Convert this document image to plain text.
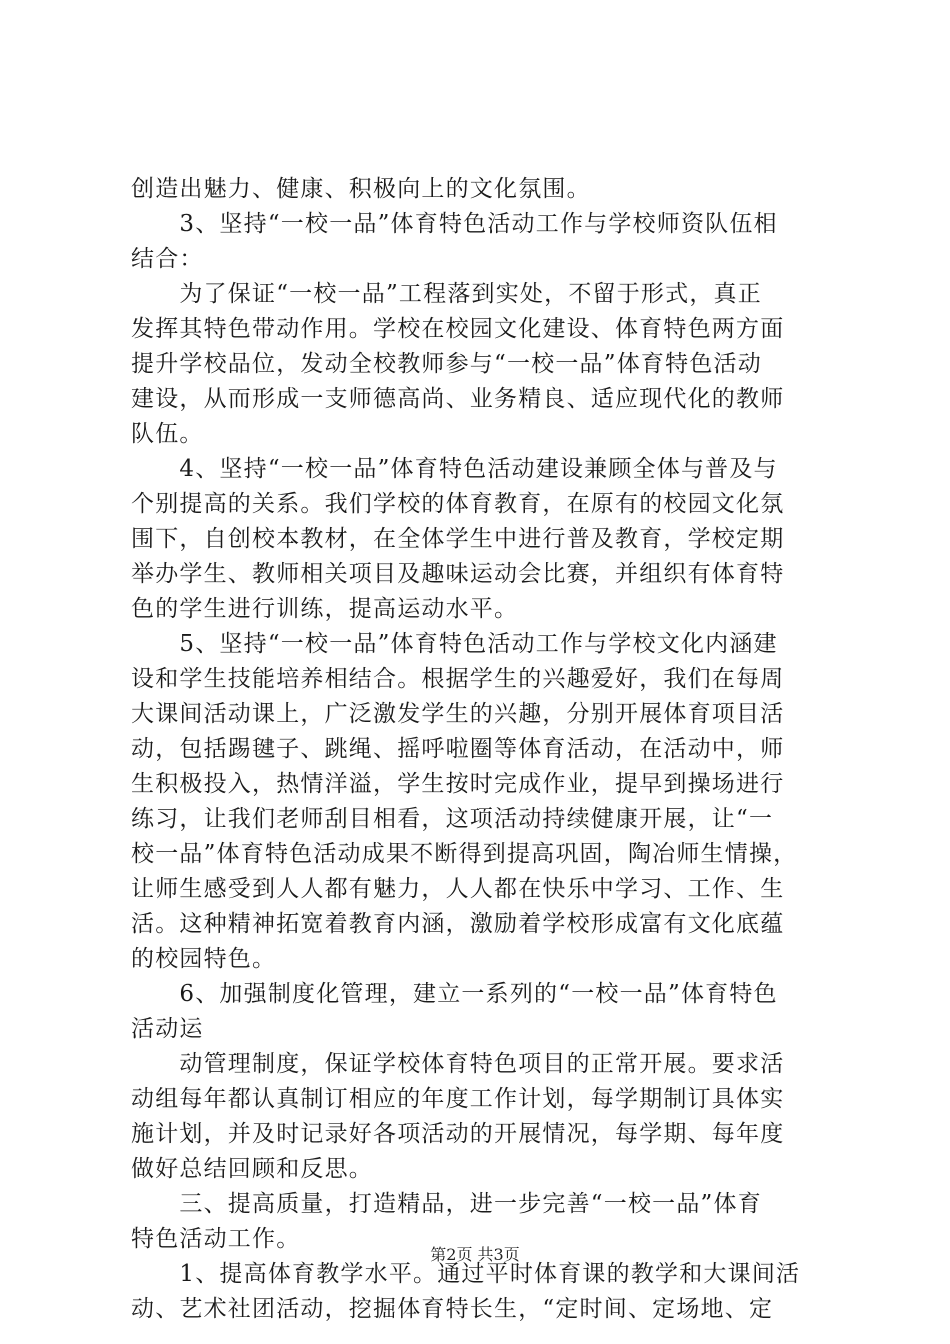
创造出魅力、健康、积极向上的文化氛围。
　　3、坚持“一校一品”体育特色活动工作与学校师资队伍相
结合：
　　为了保证“一校一品”工程落到实处，不留于形式，真正
发挥其特色带动作用。学校在校园文化建设、体育特色两方面
提升学校品位，发动全校教师参与“一校一品”体育特色活动
建设，从而形成一支师德高尚、业务精良、适应现代化的教师
队伍。
　　4、坚持“一校一品”体育特色活动建设兼顾全体与普及与
个别提高的关系。我们学校的体育教育，在原有的校园文化氛
围下，自创校本教材，在全体学生中进行普及教育，学校定期
举办学生、教师相关项目及趣味运动会比赛，并组织有体育特
色的学生进行训练，提高运动水平。
　　5、坚持“一校一品”体育特色活动工作与学校文化内涵建
设和学生技能培养相结合。根据学生的兴趣爱好，我们在每周
大课间活动课上，广泛激发学生的兴趣，分别开展体育项目活
动，包括踢毽子、跳绳、摇呼啦圈等体育活动，在活动中，师
生积极投入，热情洋溢，学生按时完成作业，提早到操场进行
练习，让我们老师刮目相看，这项活动持续健康开展，让“一
校一品”体育特色活动成果不断得到提高巩固，陶冶师生情操，
让师生感受到人人都有魅力，人人都在快乐中学习、工作、生
活。这种精神拓宽着教育内涵，激励着学校形成富有文化底蕴
的校园特色。
　　6、加强制度化管理，建立一系列的“一校一品”体育特色
活动运
　　动管理制度，保证学校体育特色项目的正常开展。要求活
动组每年都认真制订相应的年度工作计划，每学期制订具体实
施计划，并及时记录好各项活动的开展情况，每学期、每年度
做好总结回顾和反思。
　　三、提高质量，打造精品，进一步完善“一校一品”体育
特色活动工作。
　　1、提高体育教学水平。通过平时体育课的教学和大课间活
动、艺术社团活动，挖掘体育特长生，“定时间、定场地、定
第2页 共3页
